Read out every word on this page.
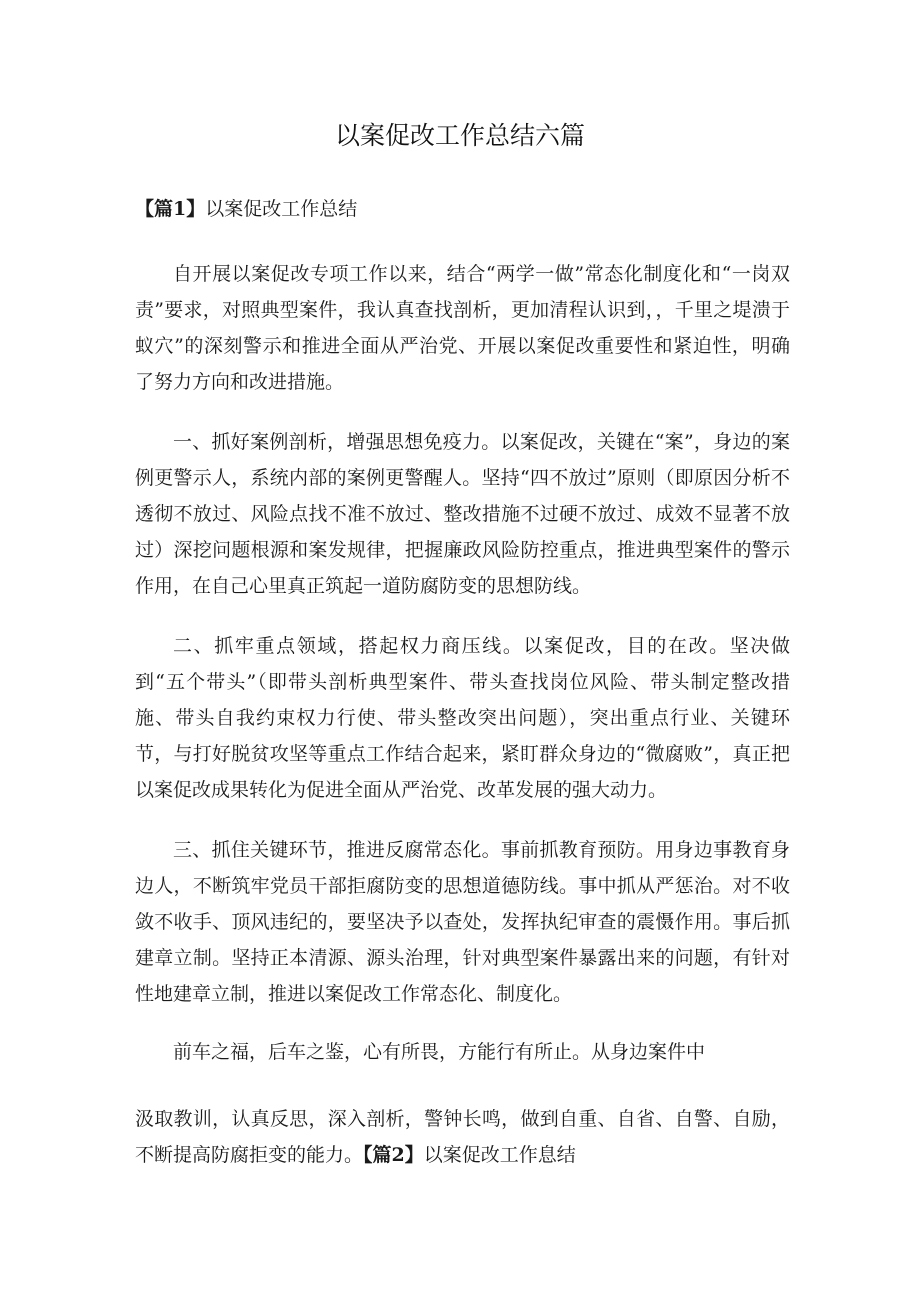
以案促改工作总结六篇
【篇1】以案促改工作总结

自开展以案促改专项工作以来，结合“两学一做”常态化制度化和“一岗双责”要求，对照典型案件，我认真查找剖析，更加清程认识到，，千里之堤溃于蚁穴”的深刻警示和推进全面从严治党、开展以案促改重要性和紧迫性，明确了努力方向和改进措施。

一、抓好案例剖析，增强思想免疫力。以案促改，关键在“案”，身边的案例更警示人，系统内部的案例更警醒人。坚持“四不放过”原则（即原因分析不透彻不放过、风险点找不准不放过、整改措施不过硬不放过、成效不显著不放过）深挖问题根源和案发规律，把握廉政风险防控重点，推进典型案件的警示作用，在自己心里真正筑起一道防腐防变的思想防线。

二、抓牢重点领域，搭起权力商压线。以案促改，目的在改。坚决做到“五个带头”（即带头剖析典型案件、带头查找岗位风险、带头制定整改措施、带头自我约束权力行使、带头整改突出问题），突出重点行业、关键环节，与打好脱贫攻坚等重点工作结合起来，紧盯群众身边的“微腐败”，真正把以案促改成果转化为促进全面从严治党、改革发展的强大动力。

三、抓住关键环节，推进反腐常态化。事前抓教育预防。用身边事教育身边人，不断筑牢党员干部拒腐防变的思想道德防线。事中抓从严惩治。对不收敛不收手、顶风违纪的，要坚决予以查处，发挥执纪审查的震慑作用。事后抓建章立制。坚持正本清源、源头治理，针对典型案件暴露出来的问题，有针对性地建章立制，推进以案促改工作常态化、制度化。

前车之福，后车之鉴，心有所畏，方能行有所止。从身边案件中

汲取教训，认真反思，深入剖析，警钟长鸣，做到自重、自省、自警、自励，不断提高防腐拒变的能力。【篇2】以案促改工作息结
